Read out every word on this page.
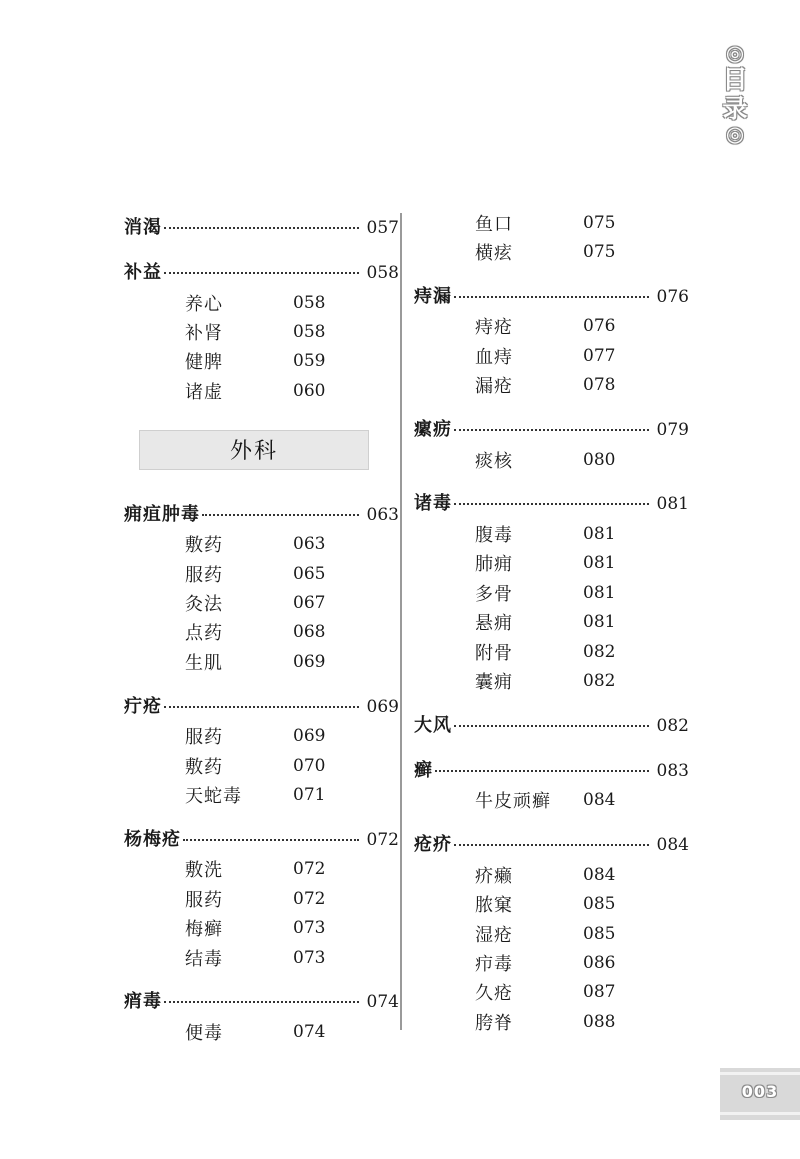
◎
目
录
◎
消渴	057
补益	058
养心	058
补肾	058
健脾	059
诸虚	060
外科
痈疽肿毒	063
敷药	063
服药	065
灸法	067
点药	068
生肌	069
疔疮	069
服药	069
敷药	070
天蛇毒	071
杨梅疮	072
敷洗	072
服药	072
梅癣	073
结毒	073
痟毒	074
便毒	074
鱼口	075
横痃	075
痔漏	076
痔疮	076
血痔	077
漏疮	078
瘰疬	079
痰核	080
诸毒	081
腹毒	081
肺痈	081
多骨	081
悬痈	081
附骨	082
囊痈	082
大风	082
癣	083
牛皮顽癣	084
疮疥	084
疥癞	084
脓窠	085
湿疮	085
疖毒	086
久疮	087
胯脊	088
003
